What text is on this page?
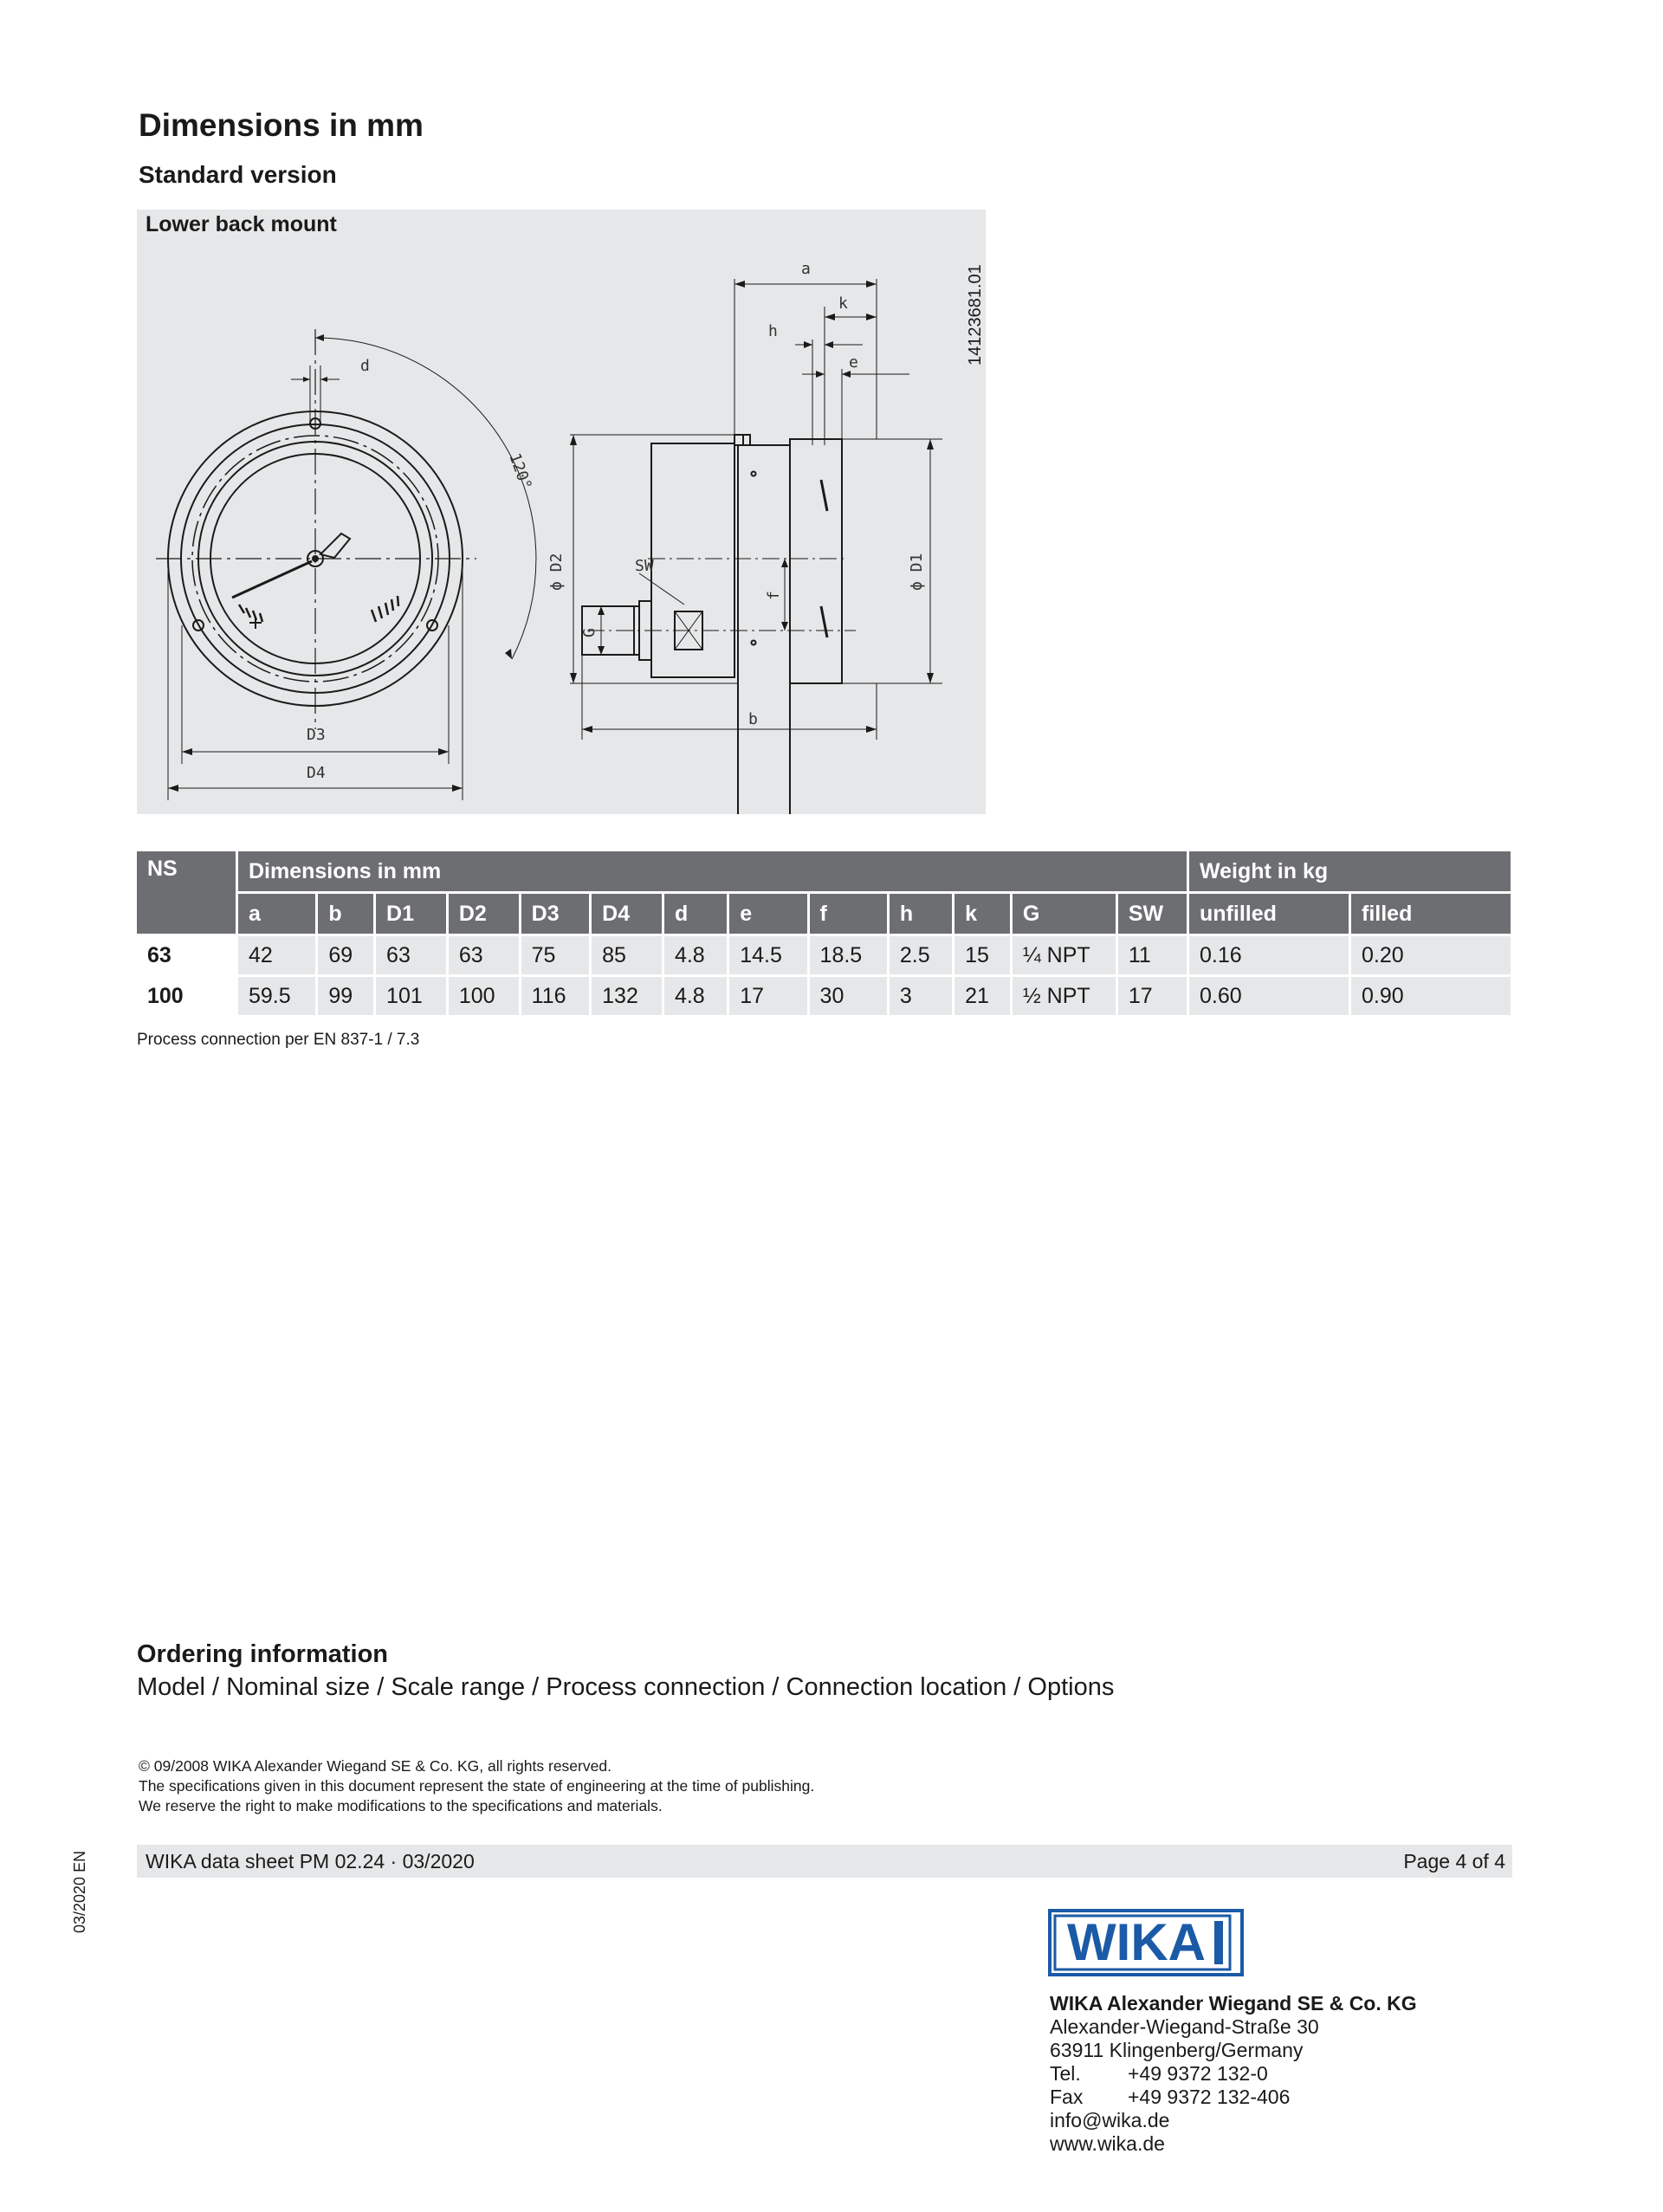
Dimensions in mm
Standard version
Lower back mount
14123681.01
d
120°
D3
D4
ϕ D2	ϕ D1
SW
G
f
b
a
k
h
e
NS	Dimensions in mm													Weight in kg	
	a	b	D1	D2	D3	D4	d	e	f	h	k	G	SW	unfilled	filled
63	42	69	63	63	75	85	4.8	14.5	18.5	2.5	15	¼ NPT	11	0.16	0.20
100	59.5	99	101	100	116	132	4.8	17	30	3	21	½ NPT	17	0.60	0.90
Process connection per EN 837-1 / 7.3
Ordering information
Model / Nominal size / Scale range / Process connection / Connection location / Options
© 09/2008 WIKA Alexander Wiegand SE & Co. KG, all rights reserved.
The specifications given in this document represent the state of engineering at the time of publishing.
We reserve the right to make modifications to the specifications and materials.
WIKA data sheet PM 02.24 · 03/2020	Page 4 of 4
03/2020 EN
WIKA
WIKA Alexander Wiegand SE & Co. KG
Alexander-Wiegand-Straße 30
63911 Klingenberg/Germany
Tel. +49 9372 132-0
Fax +49 9372 132-406
info@wika.de
www.wika.de
